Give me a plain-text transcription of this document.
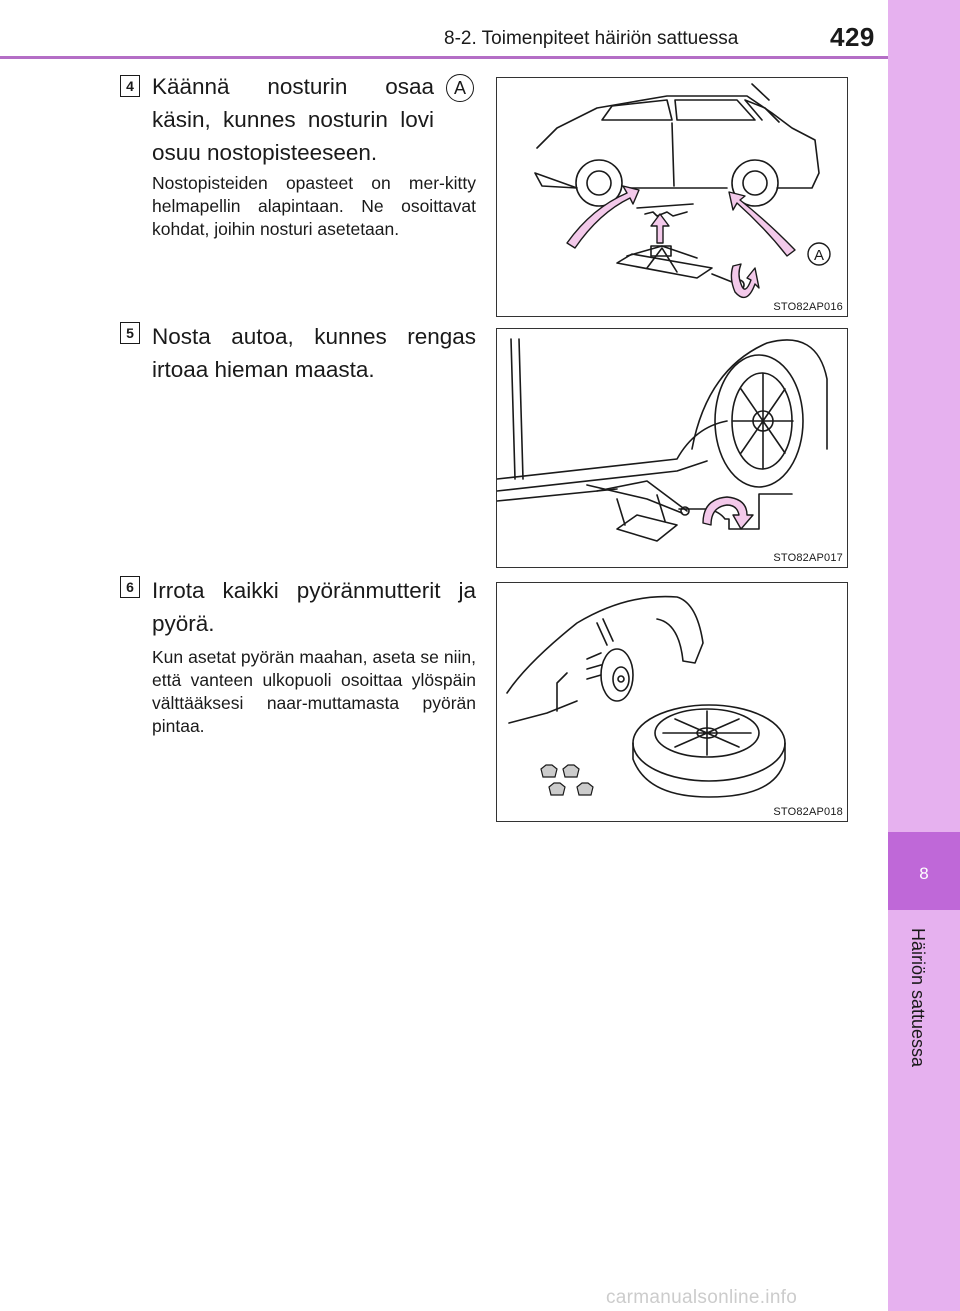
8-2. Toimenpiteet häiriön sattuessa	429
8
Häiriön sattuessa
4 Käännä nosturin osaa käsin, kunnes nosturin lovi osuu nostopisteeseen.
A
Nostopisteiden opasteet on mer-kitty helmapellin alapintaan. Ne osoittavat kohdat, joihin nosturi asetetaan.
A
STO82AP016
5 Nosta autoa, kunnes rengas irtoaa hieman maasta.
STO82AP017
6 Irrota kaikki pyöränmutterit ja pyörä.
Kun asetat pyörän maahan, aseta se niin, että vanteen ulkopuoli osoittaa ylöspäin välttääksesi naar-muttamasta pyörän pintaa.
STO82AP018
carmanualsonline.info
